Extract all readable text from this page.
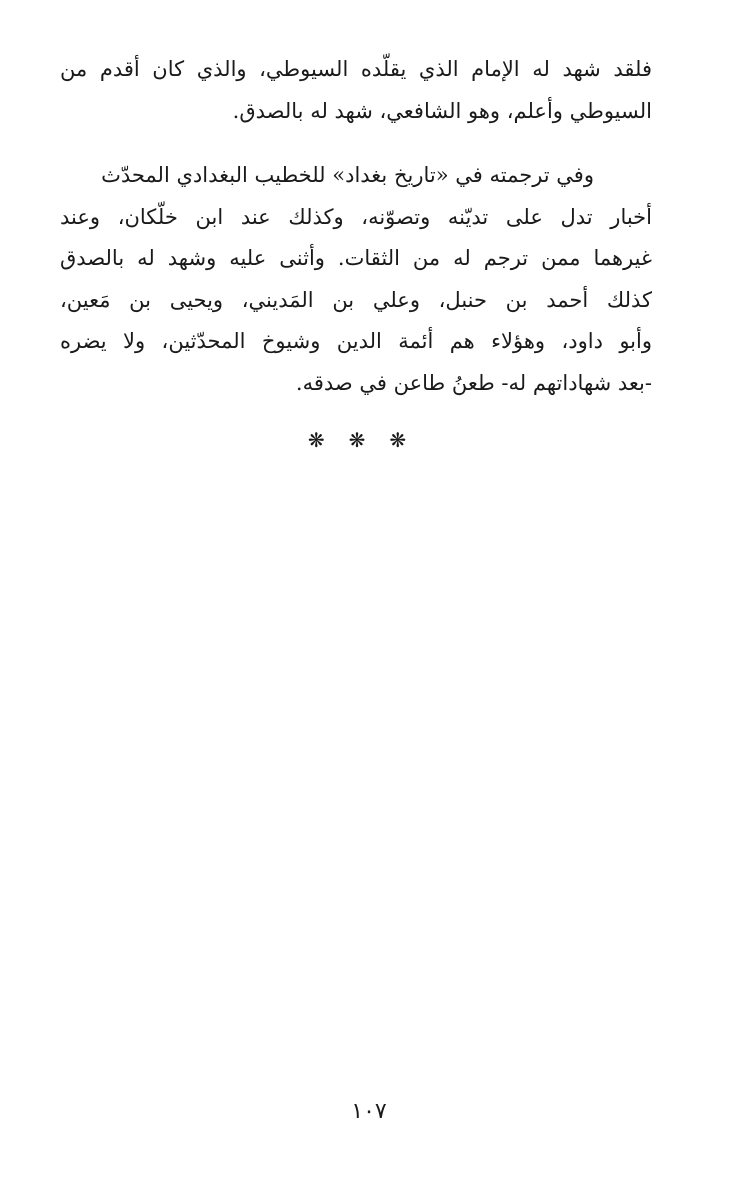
فلقد شهد له الإمام الذي يقلّده السيوطي، والذي كان أقدم من
السيوطي وأعلم، وهو الشافعي، شهد له بالصدق.
وفي ترجمته في «تاريخ بغداد» للخطيب البغدادي المحدّث
أخبار تدل على تديّنه وتصوّنه، وكذلك عند ابن خلّكان، وعند
غيرهما ممن ترجم له من الثقات. وأثنى عليه وشهد له بالصدق
كذلك أحمد بن حنبل، وعلي بن المَديني، ويحيى بن مَعين،
وأبو داود، وهؤلاء هم أئمة الدين وشيوخ المحدّثين، ولا يضره
-بعد شهاداتهم له- طعنُ طاعن في صدقه.
❋❋❋
١٠٧
